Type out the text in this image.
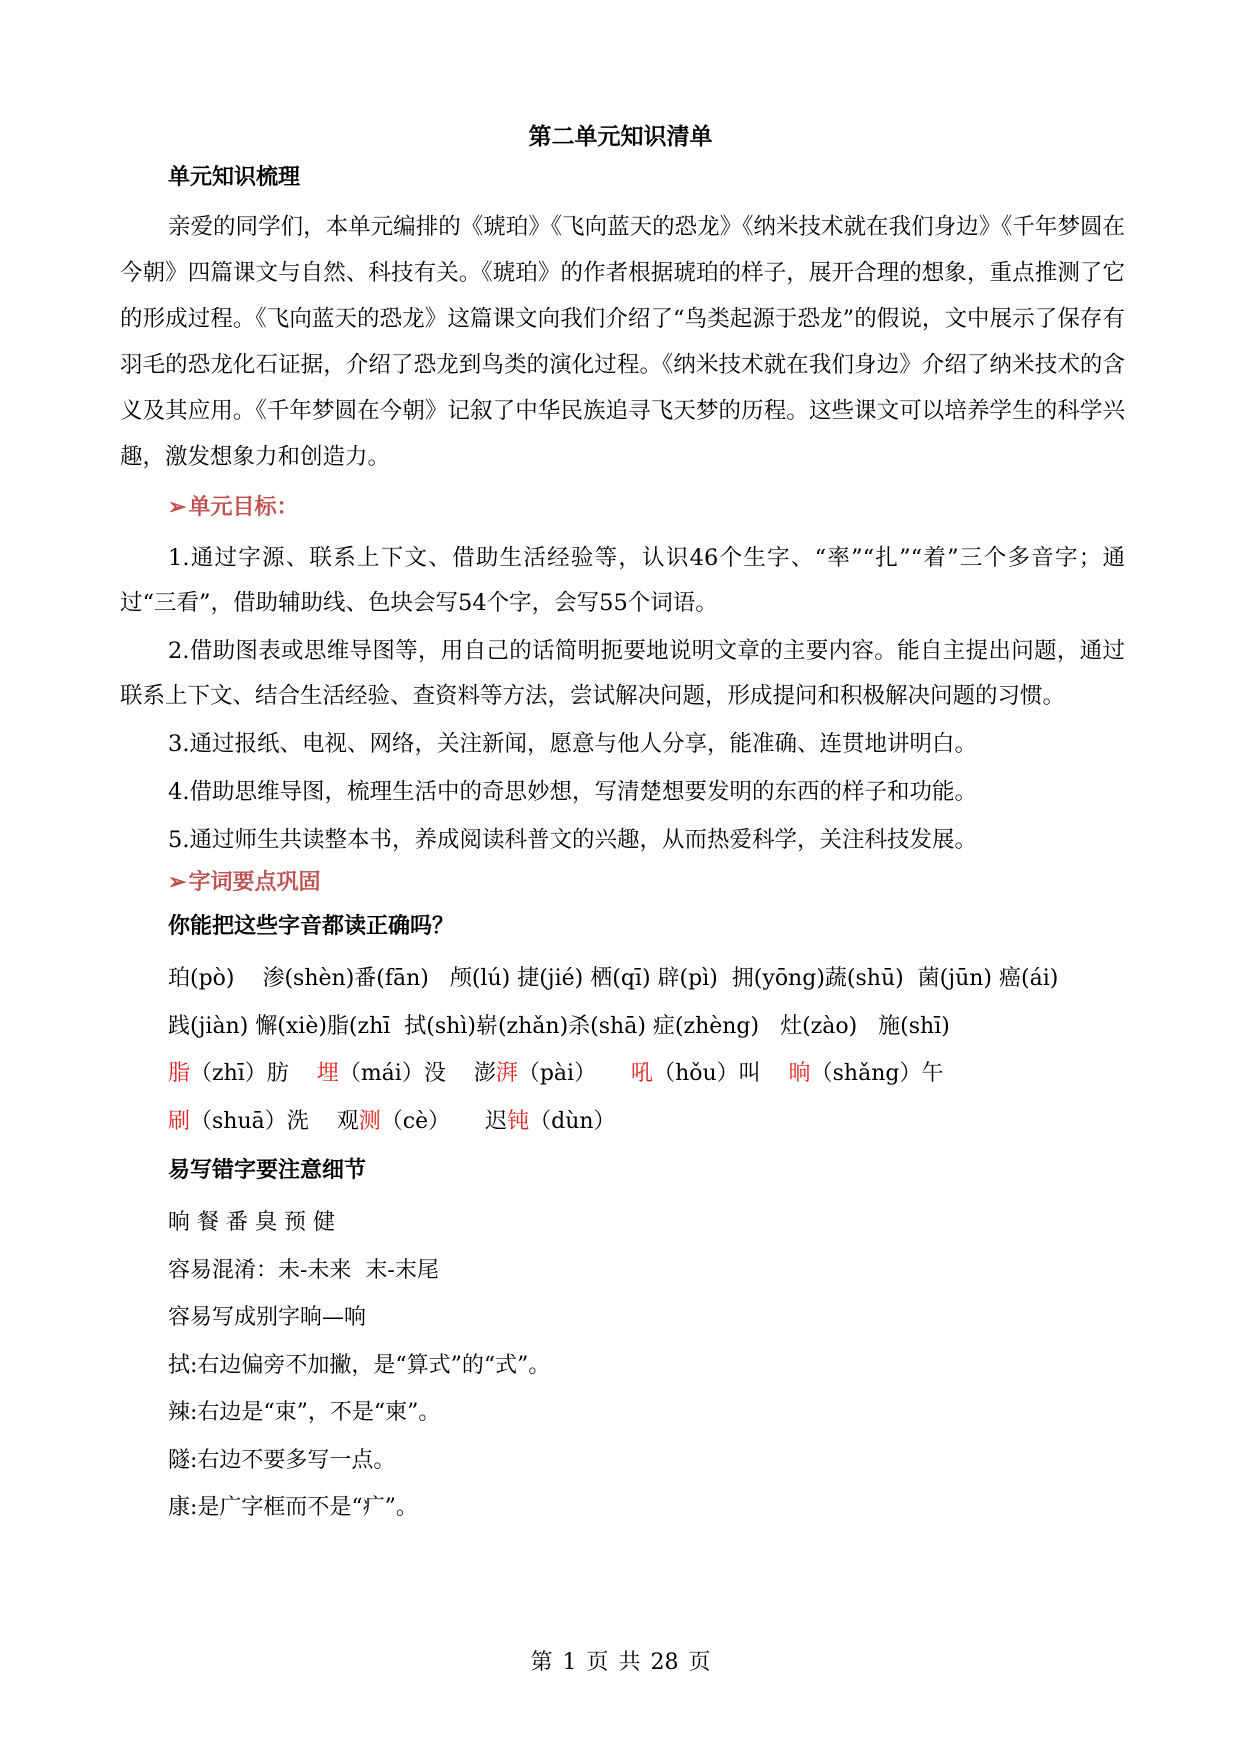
第二单元知识清单
单元知识梳理

亲爱的同学们，本单元编排的《琥珀》《飞向蓝天的恐龙》《纳米技术就在我们身边》《千年梦圆在今朝》四篇课文与自然、科技有关。《琥珀》的作者根据琥珀的样子，展开合理的想象，重点推测了它的形成过程。《飞向蓝天的恐龙》这篇课文向我们介绍了“鸟类起源于恐龙”的假说，文中展示了保存有羽毛的恐龙化石证据，介绍了恐龙到鸟类的演化过程。《纳米技术就在我们身边》介绍了纳米技术的含义及其应用。《千年梦圆在今朝》记叙了中华民族追寻飞天梦的历程。这些课文可以培养学生的科学兴趣，激发想象力和创造力。

➢单元目标：

1.通过字源、联系上下文、借助生活经验等，认识46个生字、“率”“扎”“着”三个多音字；通过“三看”，借助辅助线、色块会写54个字，会写55个词语。

2.借助图表或思维导图等，用自己的话简明扼要地说明文章的主要内容。能自主提出问题，通过联系上下文、结合生活经验、查资料等方法，尝试解决问题，形成提问和积极解决问题的习惯。

3.通过报纸、电视、网络，关注新闻，愿意与他人分享，能准确、连贯地讲明白。

4.借助思维导图，梳理生活中的奇思妙想，写清楚想要发明的东西的样子和功能。

5.通过师生共读整本书，养成阅读科普文的兴趣，从而热爱科学，关注科技发展。

➢字词要点巩固
你能把这些字音都读正确吗？

珀(pò)    渗(shèn)番(fān)   颅(lú) 捷(jié) 栖(qī) 辟(pì)  拥(yōng)蔬(shū)  菌(jūn) 癌(ái)

践(jiàn) 懈(xiè)脂(zhī  拭(shì)崭(zhǎn)杀(shā) 症(zhèng)   灶(zào)   施(shī)

脂（zhī）肪    埋（mái）没    澎湃（pài）     吼（hǒu）叫    晌（shǎng）午

刷（shuā）洗    观测（cè）     迟钝（dùn）

易写错字要注意细节

晌 餐 番 臭 预 健

容易混淆：未-未来  末-末尾

容易写成别字晌—响

拭:右边偏旁不加撇，是“算式”的“式”。

辣:右边是“束”，不是“柬”。

隧:右边不要多写一点。

康:是广字框而不是“疒”。

第 1 页 共 28 页
